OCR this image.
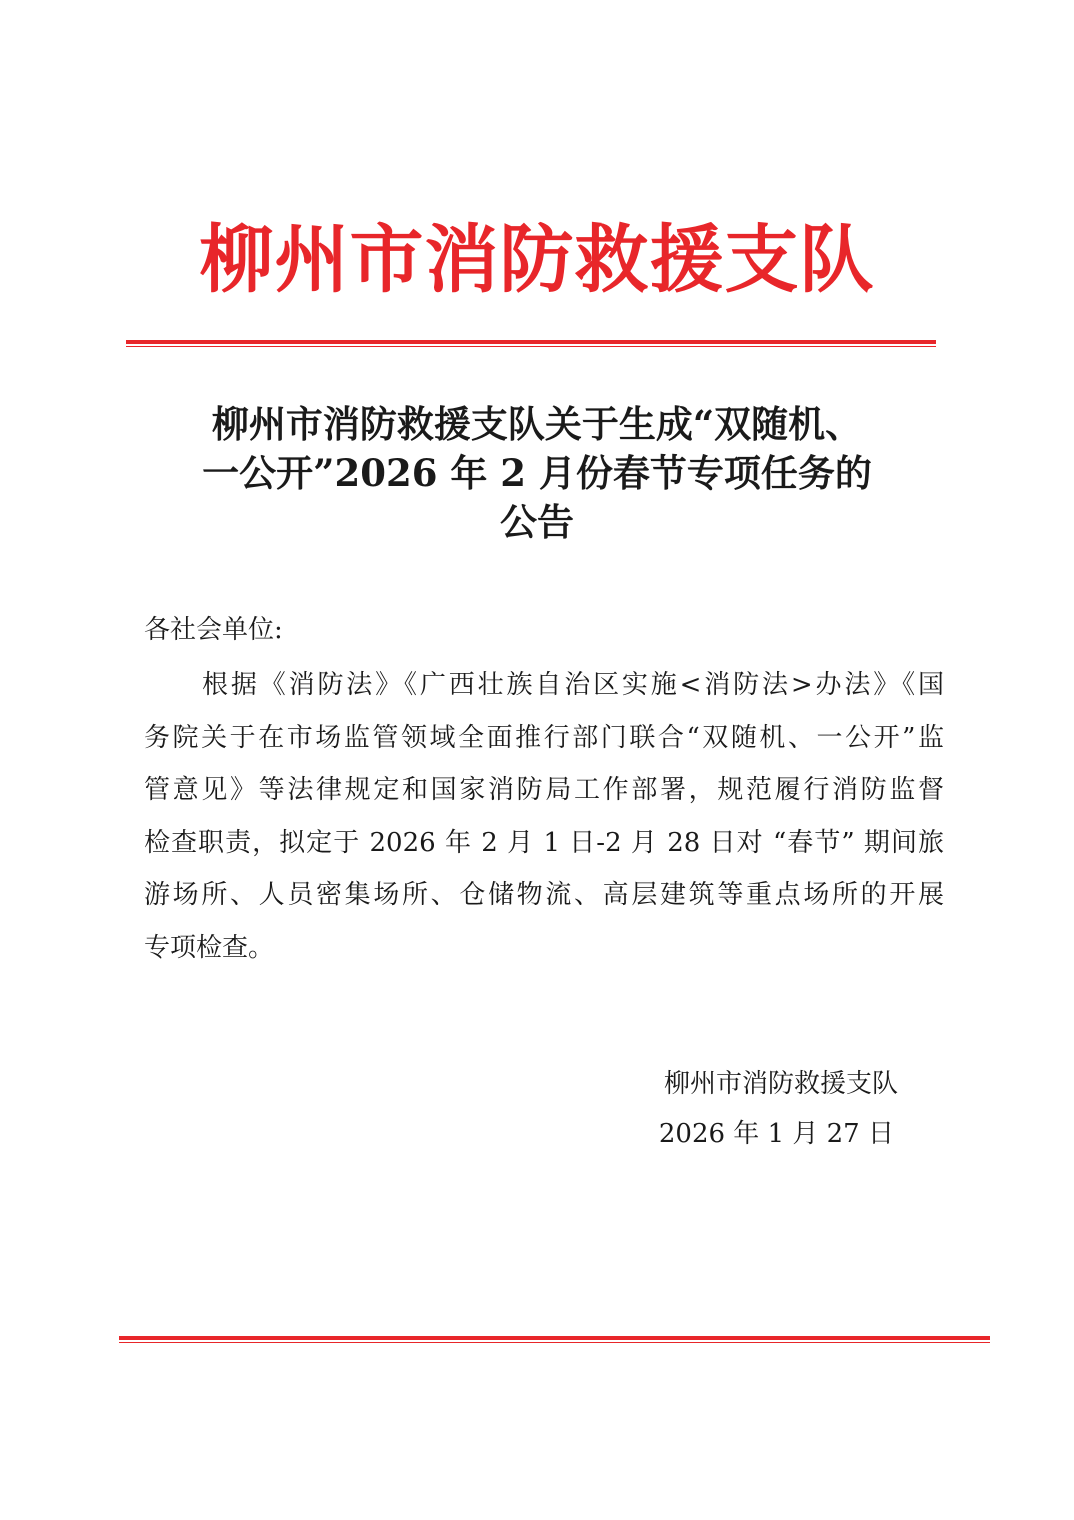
柳州市消防救援支队
柳州市消防救援支队关于生成“双随机、
一公开”2026 年 2 月份春节专项任务的
公告
各社会单位:
根据《消防法》《广西壮族自治区实施<消防法>办法》《国
务院关于在市场监管领域全面推行部门联合“双随机、一公开”监
管意见》等法律规定和国家消防局工作部署，规范履行消防监督
检查职责，拟定于 2026 年 2 月 1 日-2 月 28 日对 “春节” 期间旅
游场所、人员密集场所、仓储物流、高层建筑等重点场所的开展
专项检查。
柳州市消防救援支队
2026 年 1 月 27 日
